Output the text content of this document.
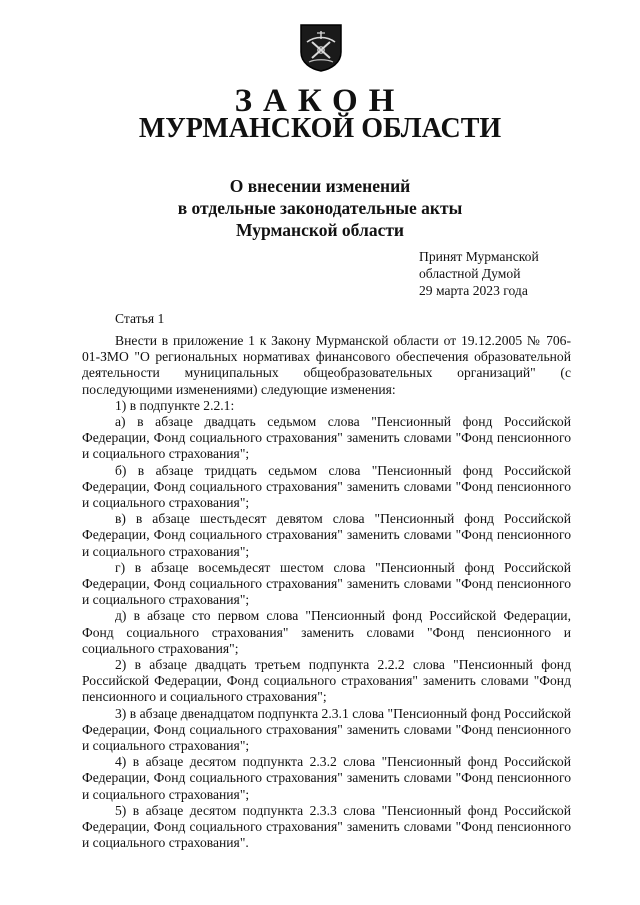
ЗАКОН
МУРМАНСКОЙ ОБЛАСТИ
О внесении изменений
в отдельные законодательные акты
Мурманской области
Принят Мурманской
областной Думой
29 марта 2023 года
Статья 1

Внести в приложение 1 к Закону Мурманской области от 19.12.2005 № 706-01-ЗМО "О региональных нормативах финансового обеспечения образовательной деятельности муниципальных общеобразовательных организаций" (с последующими изменениями) следующие изменения:

1) в подпункте 2.2.1:

а) в абзаце двадцать седьмом слова "Пенсионный фонд Российской Федерации, Фонд социального страхования" заменить словами "Фонд пенсионного и социального страхования";

б) в абзаце тридцать седьмом слова "Пенсионный фонд Российской Федерации, Фонд социального страхования" заменить словами "Фонд пенсионного и социального страхования";

в) в абзаце шестьдесят девятом слова "Пенсионный фонд Российской Федерации, Фонд социального страхования" заменить словами "Фонд пенсионного и социального страхования";

г) в абзаце восемьдесят шестом слова "Пенсионный фонд Российской Федерации, Фонд социального страхования" заменить словами "Фонд пенсионного и социального страхования";

д) в абзаце сто первом слова "Пенсионный фонд Российской Федерации, Фонд социального страхования" заменить словами "Фонд пенсионного и социального страхования";

2) в абзаце двадцать третьем подпункта 2.2.2 слова "Пенсионный фонд Российской Федерации, Фонд социального страхования" заменить словами "Фонд пенсионного и социального страхования";

3) в абзаце двенадцатом подпункта 2.3.1 слова "Пенсионный фонд Российской Федерации, Фонд социального страхования" заменить словами "Фонд пенсионного и социального страхования";

4) в абзаце десятом подпункта 2.3.2 слова "Пенсионный фонд Российской Федерации, Фонд социального страхования" заменить словами "Фонд пенсионного и социального страхования";

5) в абзаце десятом подпункта 2.3.3 слова "Пенсионный фонд Российской Федерации, Фонд социального страхования" заменить словами "Фонд пенсионного и социального страхования".
